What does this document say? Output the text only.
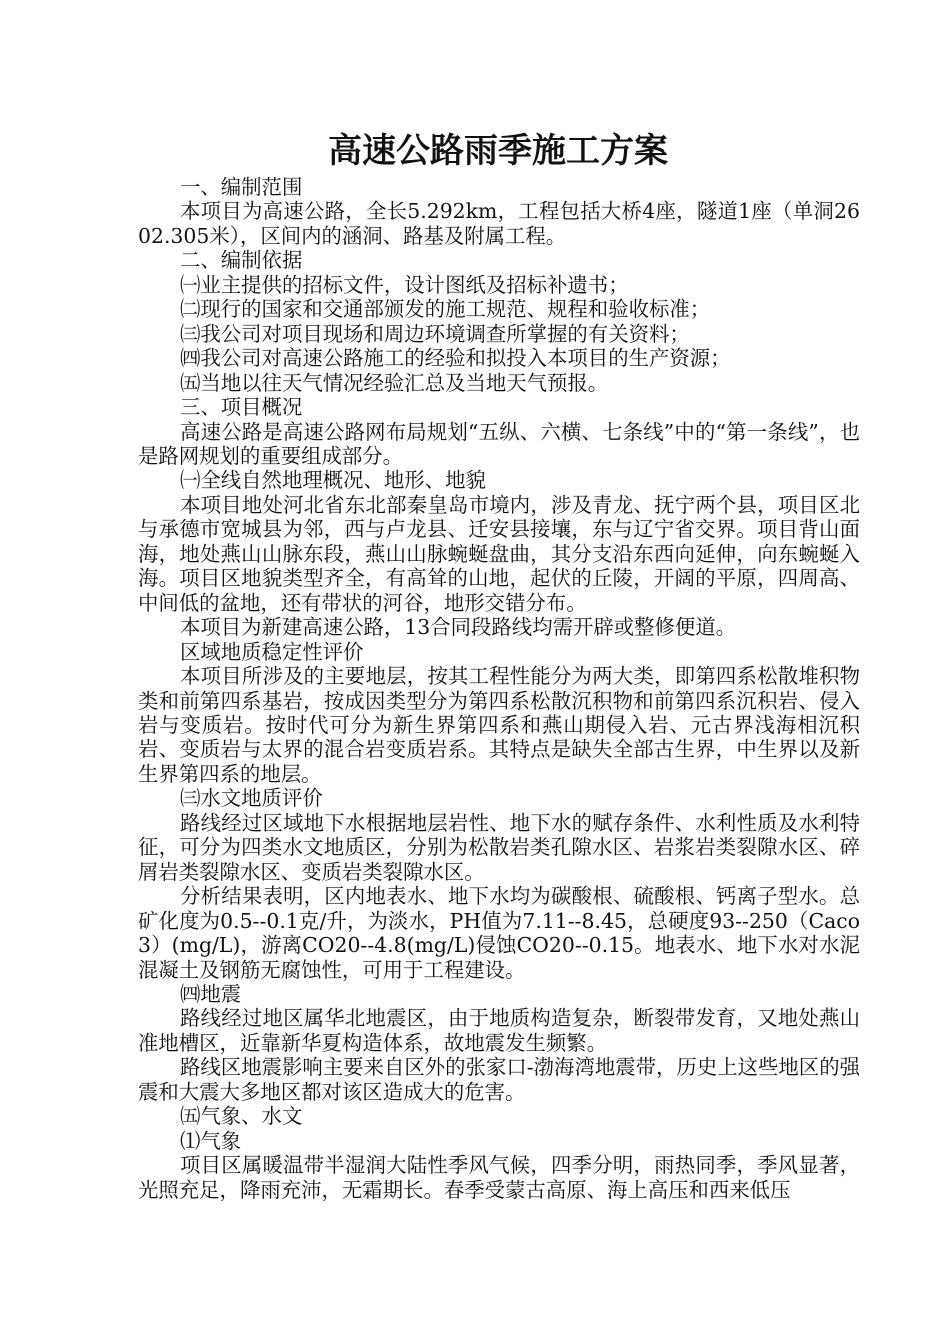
高速公路雨季施工方案

一、编制范围

本项目为高速公路，全长5.292km，工程包括大桥4座，隧道1座（单洞2602.305米），区间内的涵洞、路基及附属工程。

二、编制依据

㈠业主提供的招标文件，设计图纸及招标补遗书；

㈡现行的国家和交通部颁发的施工规范、规程和验收标准；

㈢我公司对项目现场和周边环境调查所掌握的有关资料；

㈣我公司对高速公路施工的经验和拟投入本项目的生产资源；

㈤当地以往天气情况经验汇总及当地天气预报。

三、项目概况

高速公路是高速公路网布局规划“五纵、六横、七条线”中的“第一条线”，也是路网规划的重要组成部分。

㈠全线自然地理概况、地形、地貌

本项目地处河北省东北部秦皇岛市境内，涉及青龙、抚宁两个县，项目区北与承德市宽城县为邻，西与卢龙县、迁安县接壤，东与辽宁省交界。项目背山面海，地处燕山山脉东段，燕山山脉蜿蜒盘曲，其分支沿东西向延伸，向东蜿蜒入海。项目区地貌类型齐全，有高耸的山地，起伏的丘陵，开阔的平原，四周高、中间低的盆地，还有带状的河谷，地形交错分布。

本项目为新建高速公路，13合同段路线均需开辟或整修便道。

区域地质稳定性评价

本项目所涉及的主要地层，按其工程性能分为两大类，即第四系松散堆积物类和前第四系基岩，按成因类型分为第四系松散沉积物和前第四系沉积岩、侵入岩与变质岩。按时代可分为新生界第四系和燕山期侵入岩、元古界浅海相沉积岩、变质岩与太界的混合岩变质岩系。其特点是缺失全部古生界，中生界以及新生界第四系的地层。

㈢水文地质评价

路线经过区域地下水根据地层岩性、地下水的赋存条件、水利性质及水利特征，可分为四类水文地质区，分别为松散岩类孔隙水区、岩浆岩类裂隙水区、碎屑岩类裂隙水区、变质岩类裂隙水区。

分析结果表明，区内地表水、地下水均为碳酸根、硫酸根、钙离子型水。总矿化度为0.5--0.1克/升，为淡水，PH值为7.11--8.45，总硬度93--250（Caco3）(mg/L)，游离CO20--4.8(mg/L)侵蚀CO20--0.15。地表水、地下水对水泥混凝土及钢筋无腐蚀性，可用于工程建设。

㈣地震

路线经过地区属华北地震区，由于地质构造复杂，断裂带发育，又地处燕山准地槽区，近靠新华夏构造体系，故地震发生频繁。

路线区地震影响主要来自区外的张家口-渤海湾地震带，历史上这些地区的强震和大震大多地区都对该区造成大的危害。

㈤气象、水文

⑴气象

项目区属暖温带半湿润大陆性季风气候，四季分明，雨热同季，季风显著，光照充足，降雨充沛，无霜期长。春季受蒙古高原、海上高压和西来低压
